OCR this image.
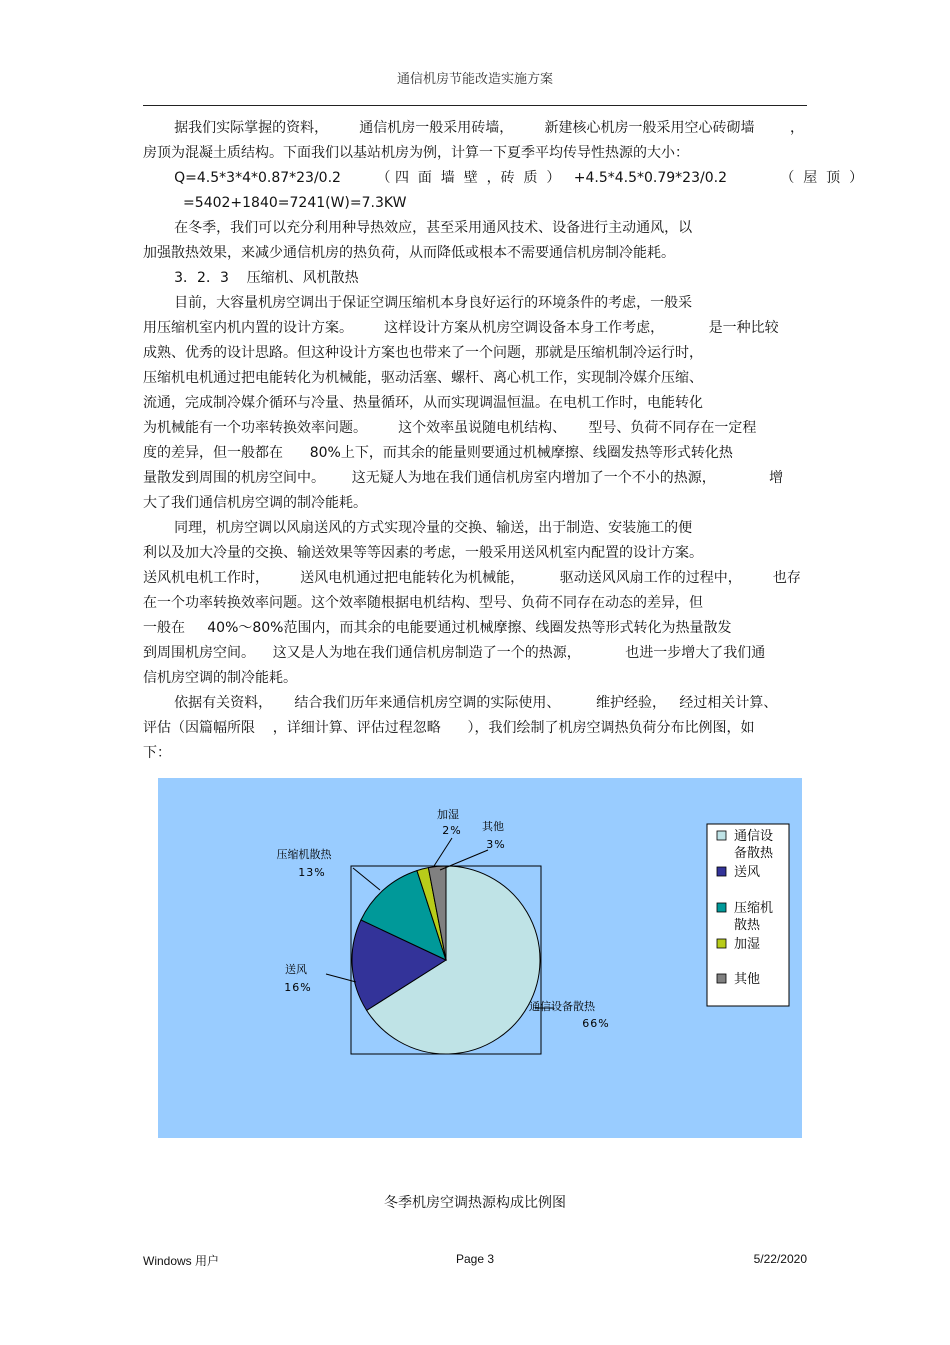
通信机房节能改造实施方案
据我们实际掌握的资料，       通信机房一般采用砖墙，       新建核心机房一般采用空心砖砌墙        ，
房顶为混凝土质结构。下面我们以基站机房为例，计算一下夏季平均传导性热源的大小：
Q=4.5*3*4*0.87*23/0.2        （ 四  面  墙  壁  ，砖  质  ）   +4.5*4.5*0.79*23/0.2            （  屋  顶  ）
=5402+1840=7241(W)=7.3KW
在冬季，我们可以充分利用种导热效应，甚至采用通风技术、设备进行主动通风，以
加强散热效果，来减少通信机房的热负荷，从而降低或根本不需要通信机房制冷能耗。
3．2．3    压缩机、风机散热
目前，大容量机房空调出于保证空调压缩机本身良好运行的环境条件的考虑，一般采
用压缩机室内机内置的设计方案。       这样设计方案从机房空调设备本身工作考虑，          是一种比较
成熟、优秀的设计思路。但这种设计方案也也带来了一个问题，那就是压缩机制冷运行时，
压缩机电机通过把电能转化为机械能，驱动活塞、螺杆、离心机工作，实现制冷媒介压缩、
流通，完成制冷媒介循环与冷量、热量循环，从而实现调温恒温。在电机工作时，电能转化
为机械能有一个功率转换效率问题。       这个效率虽说随电机结构、     型号、负荷不同存在一定程
度的差异，但一般都在      80%上下，而其余的能量则要通过机械摩擦、线圈发热等形式转化热
量散发到周围的机房空间中。      这无疑人为地在我们通信机房室内增加了一个不小的热源，            增
大了我们通信机房空调的制冷能耗。
同理，机房空调以风扇送风的方式实现冷量的交换、输送，出于制造、安装施工的便
利以及加大冷量的交换、输送效果等等因素的考虑，一般采用送风机室内配置的设计方案。
送风机电机工作时，       送风电机通过把电能转化为机械能，        驱动送风风扇工作的过程中，       也存
在一个功率转换效率问题。这个效率随根据电机结构、型号、负荷不同存在动态的差异，但
一般在     40%～80%范围内，而其余的电能要通过机械摩擦、线圈发热等形式转化为热量散发
到周围机房空间。    这又是人为地在我们通信机房制造了一个的热源，          也进一步增大了我们通
信机房空调的制冷能耗。
依据有关资料，     结合我们历年来通信机房空调的实际使用、        维护经验，   经过相关计算、
评估（因篇幅所限    ，详细计算、评估过程忽略      ），我们绘制了机房空调热负荷分布比例图，如
下：
通信设备散热
66%
送风
16%
压缩机散热
13%
加湿
2% 其他
3%
通信设
备散热
送风
压缩机
散热
加湿
其他
冬季机房空调热源构成比例图
Windows 用户	Page 3	5/22/2020
